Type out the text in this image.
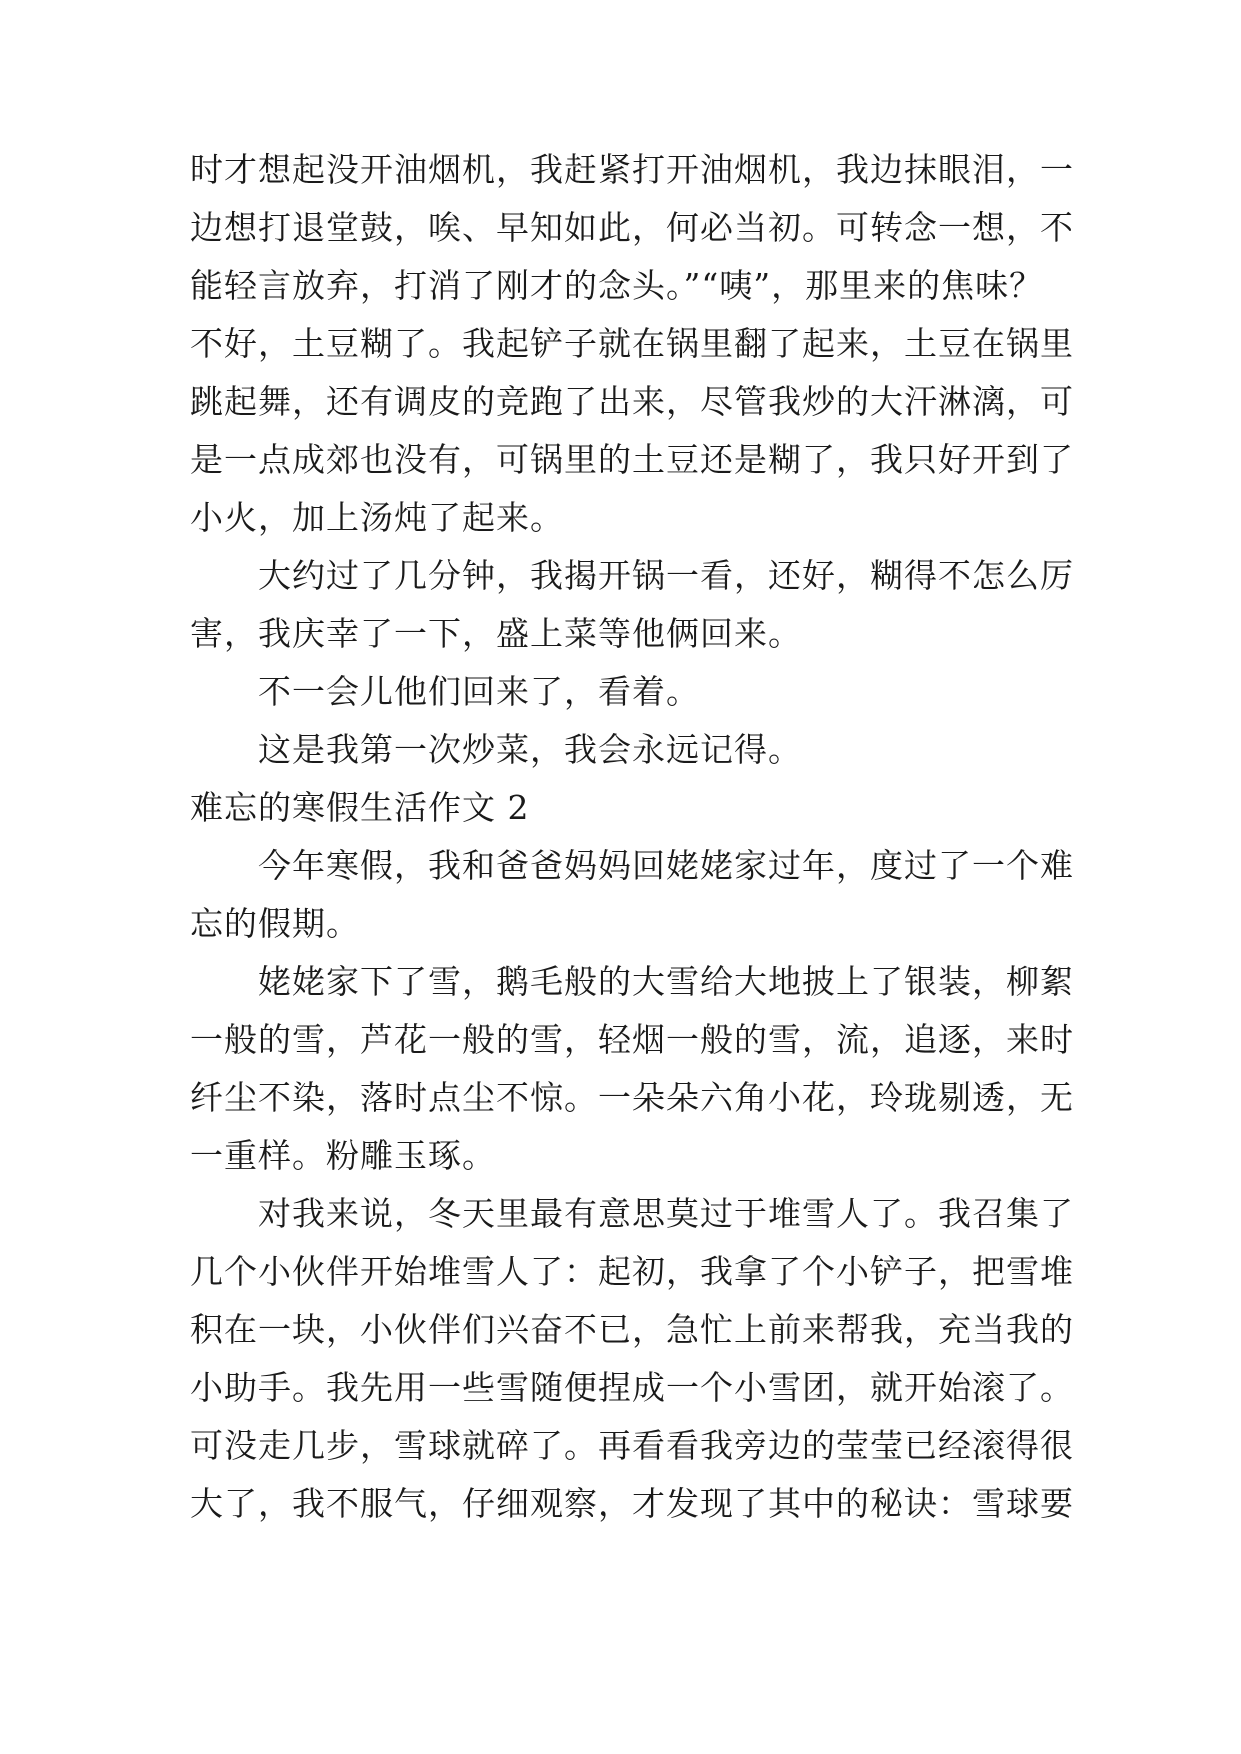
时才想起没开油烟机，我赶紧打开油烟机，我边抹眼泪，一
边想打退堂鼓，唉、早知如此，何必当初。可转念一想，不
能轻言放弃，打消了刚才的念头。”“咦”，那里来的焦味？
不好，土豆糊了。我起铲子就在锅里翻了起来，土豆在锅里
跳起舞，还有调皮的竞跑了出来，尽管我炒的大汗淋漓，可
是一点成郊也没有，可锅里的土豆还是糊了，我只好开到了
小火，加上汤炖了起来。
大约过了几分钟，我揭开锅一看，还好，糊得不怎么厉
害，我庆幸了一下，盛上菜等他俩回来。
不一会儿他们回来了，看着。
这是我第一次炒菜，我会永远记得。
难忘的寒假生活作文 2
今年寒假，我和爸爸妈妈回姥姥家过年，度过了一个难
忘的假期。
姥姥家下了雪，鹅毛般的大雪给大地披上了银装，柳絮
一般的雪，芦花一般的雪，轻烟一般的雪，流，追逐，来时
纤尘不染，落时点尘不惊。一朵朵六角小花，玲珑剔透，无
一重样。粉雕玉琢。
对我来说，冬天里最有意思莫过于堆雪人了。我召集了
几个小伙伴开始堆雪人了：起初，我拿了个小铲子，把雪堆
积在一块，小伙伴们兴奋不已，急忙上前来帮我，充当我的
小助手。我先用一些雪随便捏成一个小雪团，就开始滚了。
可没走几步，雪球就碎了。再看看我旁边的莹莹已经滚得很
大了，我不服气，仔细观察，才发现了其中的秘诀：雪球要
